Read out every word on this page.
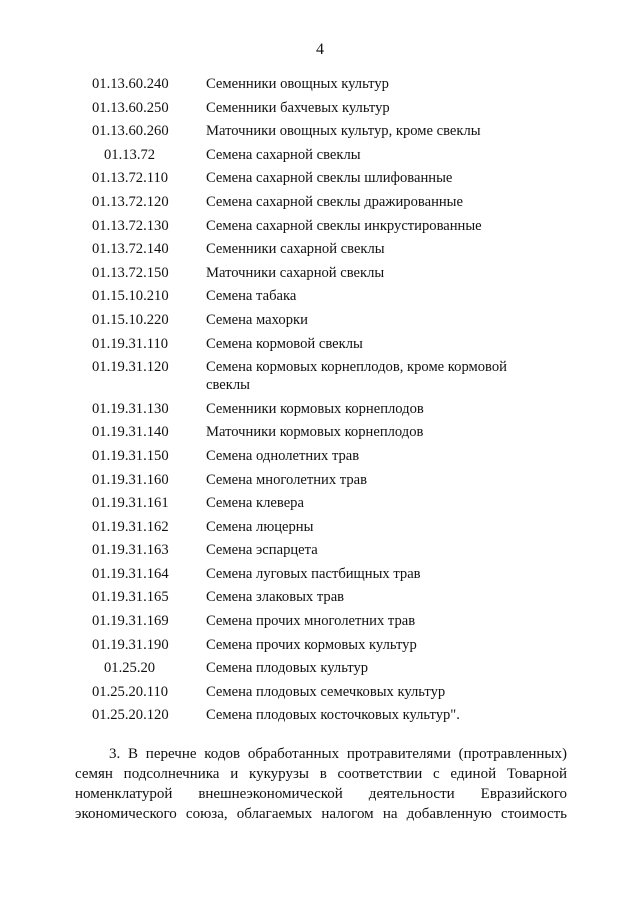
4
01.13.60.240	Семенники овощных культур
01.13.60.250	Семенники бахчевых культур
01.13.60.260	Маточники овощных культур, кроме свеклы
01.13.72	Семена сахарной свеклы
01.13.72.110	Семена сахарной свеклы шлифованные
01.13.72.120	Семена сахарной свеклы дражированные
01.13.72.130	Семена сахарной свеклы инкрустированные
01.13.72.140	Семенники сахарной свеклы
01.13.72.150	Маточники сахарной свеклы
01.15.10.210	Семена табака
01.15.10.220	Семена махорки
01.19.31.110	Семена кормовой свеклы
01.19.31.120	Семена кормовых корнеплодов, кроме кормовой свеклы
01.19.31.130	Семенники кормовых корнеплодов
01.19.31.140	Маточники кормовых корнеплодов
01.19.31.150	Семена однолетних трав
01.19.31.160	Семена многолетних трав
01.19.31.161	Семена клевера
01.19.31.162	Семена люцерны
01.19.31.163	Семена эспарцета
01.19.31.164	Семена луговых пастбищных трав
01.19.31.165	Семена злаковых трав
01.19.31.169	Семена прочих многолетних трав
01.19.31.190	Семена прочих кормовых культур
01.25.20	Семена плодовых культур
01.25.20.110	Семена плодовых семечковых культур
01.25.20.120	Семена плодовых косточковых культур".
3. В перечне кодов обработанных протравителями (протравленных)
семян подсолнечника и кукурузы в соответствии с единой Товарной
номенклатурой внешнеэкономической деятельности Евразийского
экономического союза, облагаемых налогом на добавленную стоимость
